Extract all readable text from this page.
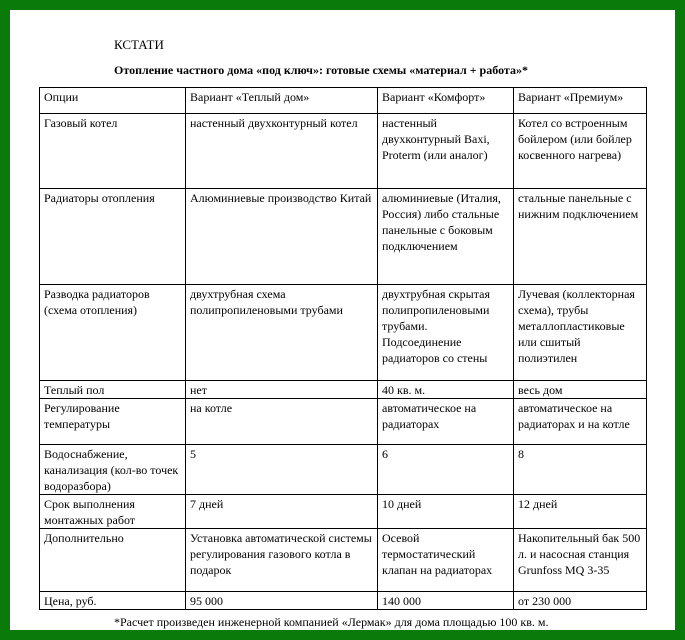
КСТАТИ
Отопление частного дома «под ключ»: готовые схемы «материал + работа»*
Опции	Вариант «Теплый дом»	Вариант «Комфорт»	Вариант «Премиум»
Газовый котел	настенный двухконтурный котел	настенный двухконтурный Baxi, Proterm (или аналог)	Котел со встроенным бойлером (или бойлер косвенного нагрева)
Радиаторы отопления	Алюминиевые производство Китай	алюминиевые (Италия, Россия) либо стальные панельные с боковым подключением	стальные панельные с нижним подключением
Разводка радиаторов (схема отопления)	двухтрубная схема полипропиленовыми трубами	двухтрубная скрытая полипропиленовыми трубами. Подсоединение радиаторов со стены	Лучевая (коллекторная схема), трубы металлопластиковые или сшитый полиэтилен
Теплый пол	нет	40 кв. м.	весь дом
Регулирование температуры	на котле	автоматическое на радиаторах	автоматическое на радиаторах и на котле
Водоснабжение, канализация (кол-во точек водоразбора)	5	6	8
Срок выполнения монтажных работ	7 дней	10 дней	12 дней
Дополнительно	Установка автоматической системы регулирования газового котла в подарок	Осевой термостатический клапан на радиаторах	Накопительный бак 500 л. и насосная станция Grunfoss MQ 3-35
Цена, руб.	95 000	140 000	от 230 000
*Расчет произведен инженерной компанией «Лермак» для дома площадью 100 кв. м.
